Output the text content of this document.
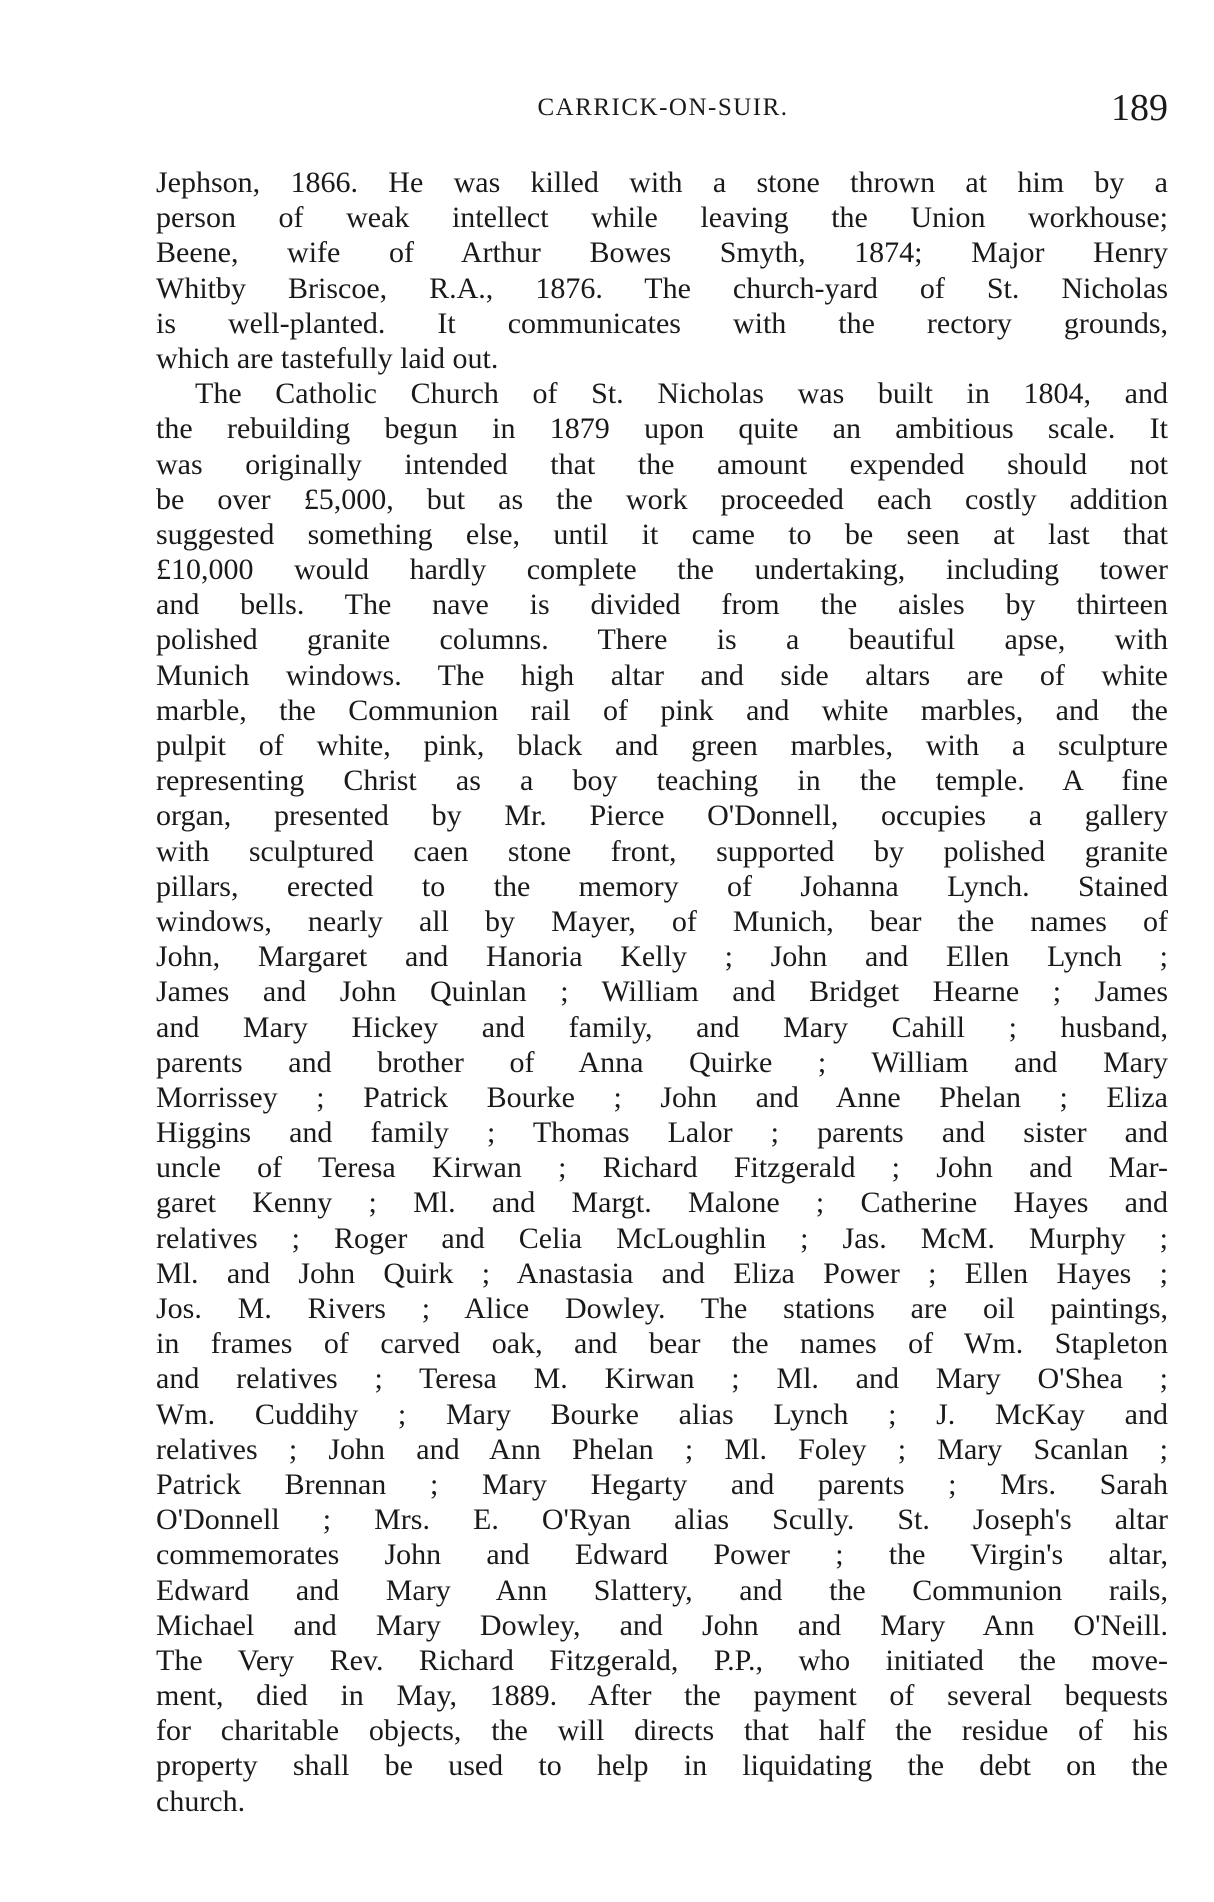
CARRICK-ON-SUIR.	189
Jephson, 1866. He was killed with a stone thrown at him by a
person of weak intellect while leaving the Union workhouse;
Beene, wife of Arthur Bowes Smyth, 1874; Major Henry
Whitby Briscoe, R.A., 1876. The church-yard of St. Nicholas
is well-planted. It communicates with the rectory grounds,
which are tastefully laid out.
The Catholic Church of St. Nicholas was built in 1804, and
the rebuilding begun in 1879 upon quite an ambitious scale. It
was originally intended that the amount expended should not
be over £5,000, but as the work proceeded each costly addition
suggested something else, until it came to be seen at last that
£10,000 would hardly complete the undertaking, including tower
and bells. The nave is divided from the aisles by thirteen
polished granite columns. There is a beautiful apse, with
Munich windows. The high altar and side altars are of white
marble, the Communion rail of pink and white marbles, and the
pulpit of white, pink, black and green marbles, with a sculpture
representing Christ as a boy teaching in the temple. A fine
organ, presented by Mr. Pierce O'Donnell, occupies a gallery
with sculptured caen stone front, supported by polished granite
pillars, erected to the memory of Johanna Lynch. Stained
windows, nearly all by Mayer, of Munich, bear the names of
John, Margaret and Hanoria Kelly ; John and Ellen Lynch ;
James and John Quinlan ; William and Bridget Hearne ; James
and Mary Hickey and family, and Mary Cahill ; husband,
parents and brother of Anna Quirke ; William and Mary
Morrissey ; Patrick Bourke ; John and Anne Phelan ; Eliza
Higgins and family ; Thomas Lalor ; parents and sister and
uncle of Teresa Kirwan ; Richard Fitzgerald ; John and Mar-
garet Kenny ; Ml. and Margt. Malone ; Catherine Hayes and
relatives ; Roger and Celia McLoughlin ; Jas. McM. Murphy ;
Ml. and John Quirk ; Anastasia and Eliza Power ; Ellen Hayes ;
Jos. M. Rivers ; Alice Dowley. The stations are oil paintings,
in frames of carved oak, and bear the names of Wm. Stapleton
and relatives ; Teresa M. Kirwan ; Ml. and Mary O'Shea ;
Wm. Cuddihy ; Mary Bourke alias Lynch ; J. McKay and
relatives ; John and Ann Phelan ; Ml. Foley ; Mary Scanlan ;
Patrick Brennan ; Mary Hegarty and parents ; Mrs. Sarah
O'Donnell ; Mrs. E. O'Ryan alias Scully. St. Joseph's altar
commemorates John and Edward Power ; the Virgin's altar,
Edward and Mary Ann Slattery, and the Communion rails,
Michael and Mary Dowley, and John and Mary Ann O'Neill.
The Very Rev. Richard Fitzgerald, P.P., who initiated the move-
ment, died in May, 1889. After the payment of several bequests
for charitable objects, the will directs that half the residue of his
property shall be used to help in liquidating the debt on the
church.
